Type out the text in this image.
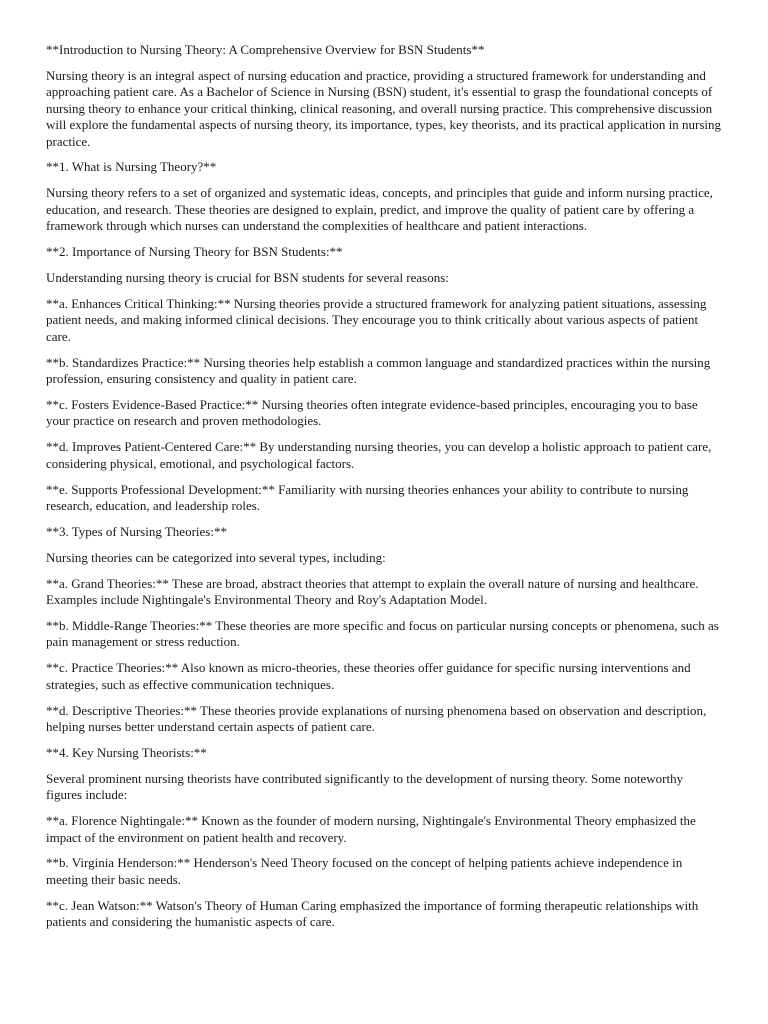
**Introduction to Nursing Theory: A Comprehensive Overview for BSN Students**

Nursing theory is an integral aspect of nursing education and practice, providing a structured framework for understanding and approaching patient care. As a Bachelor of Science in Nursing (BSN) student, it's essential to grasp the foundational concepts of nursing theory to enhance your critical thinking, clinical reasoning, and overall nursing practice. This comprehensive discussion will explore the fundamental aspects of nursing theory, its importance, types, key theorists, and its practical application in nursing practice.

**1. What is Nursing Theory?**

Nursing theory refers to a set of organized and systematic ideas, concepts, and principles that guide and inform nursing practice, education, and research. These theories are designed to explain, predict, and improve the quality of patient care by offering a framework through which nurses can understand the complexities of healthcare and patient interactions.

**2. Importance of Nursing Theory for BSN Students:**

Understanding nursing theory is crucial for BSN students for several reasons:

**a. Enhances Critical Thinking:** Nursing theories provide a structured framework for analyzing patient situations, assessing patient needs, and making informed clinical decisions. They encourage you to think critically about various aspects of patient care.

**b. Standardizes Practice:** Nursing theories help establish a common language and standardized practices within the nursing profession, ensuring consistency and quality in patient care.

**c. Fosters Evidence-Based Practice:** Nursing theories often integrate evidence-based principles, encouraging you to base your practice on research and proven methodologies.

**d. Improves Patient-Centered Care:** By understanding nursing theories, you can develop a holistic approach to patient care, considering physical, emotional, and psychological factors.

**e. Supports Professional Development:** Familiarity with nursing theories enhances your ability to contribute to nursing research, education, and leadership roles.

**3. Types of Nursing Theories:**

Nursing theories can be categorized into several types, including:

**a. Grand Theories:** These are broad, abstract theories that attempt to explain the overall nature of nursing and healthcare. Examples include Nightingale's Environmental Theory and Roy's Adaptation Model.

**b. Middle-Range Theories:** These theories are more specific and focus on particular nursing concepts or phenomena, such as pain management or stress reduction.

**c. Practice Theories:** Also known as micro-theories, these theories offer guidance for specific nursing interventions and strategies, such as effective communication techniques.

**d. Descriptive Theories:** These theories provide explanations of nursing phenomena based on observation and description, helping nurses better understand certain aspects of patient care.

**4. Key Nursing Theorists:**

Several prominent nursing theorists have contributed significantly to the development of nursing theory. Some noteworthy figures include:

**a. Florence Nightingale:** Known as the founder of modern nursing, Nightingale's Environmental Theory emphasized the impact of the environment on patient health and recovery.

**b. Virginia Henderson:** Henderson's Need Theory focused on the concept of helping patients achieve independence in meeting their basic needs.

**c. Jean Watson:** Watson's Theory of Human Caring emphasized the importance of forming therapeutic relationships with patients and considering the humanistic aspects of care.
